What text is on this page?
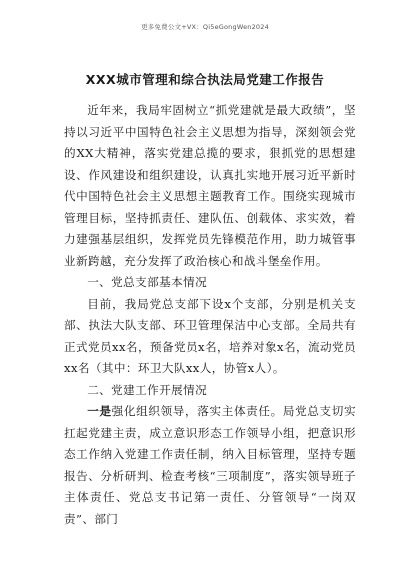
更多免费公文+VX：Qi5eGongWen2024
XXX城市管理和综合执法局党建工作报告

近年来，我局牢固树立“抓党建就是最大政绩”，坚持以习近平中国特色社会主义思想为指导，深刻领会党的XX大精神，落实党建总揽的要求，狠抓党的思想建设、作风建设和组织建设，认真扎实地开展习近平新时代中国特色社会主义思想主题教育工作。围绕实现城市管理目标，坚持抓责任、建队伍、创载体、求实效，着力建强基层组织，发挥党员先锋模范作用，助力城管事业新跨越，充分发挥了政治核心和战斗堡垒作用。

一、党总支部基本情况

目前，我局党总支部下设x个支部，分别是机关支部、执法大队支部、环卫管理保洁中心支部。全局共有正式党员xx名，预备党员x名，培养对象x名，流动党员xx名（其中：环卫大队xx人，协管x人）。

二、党建工作开展情况

一是强化组织领导，落实主体责任。局党总支切实扛起党建主责，成立意识形态工作领导小组，把意识形态工作纳入党建工作责任制，纳入目标管理，坚持专题报告、分析研判、检查考核“三项制度”，落实领导班子主体责任、党总支书记第一责任、分管领导“一岗双责”、部门
